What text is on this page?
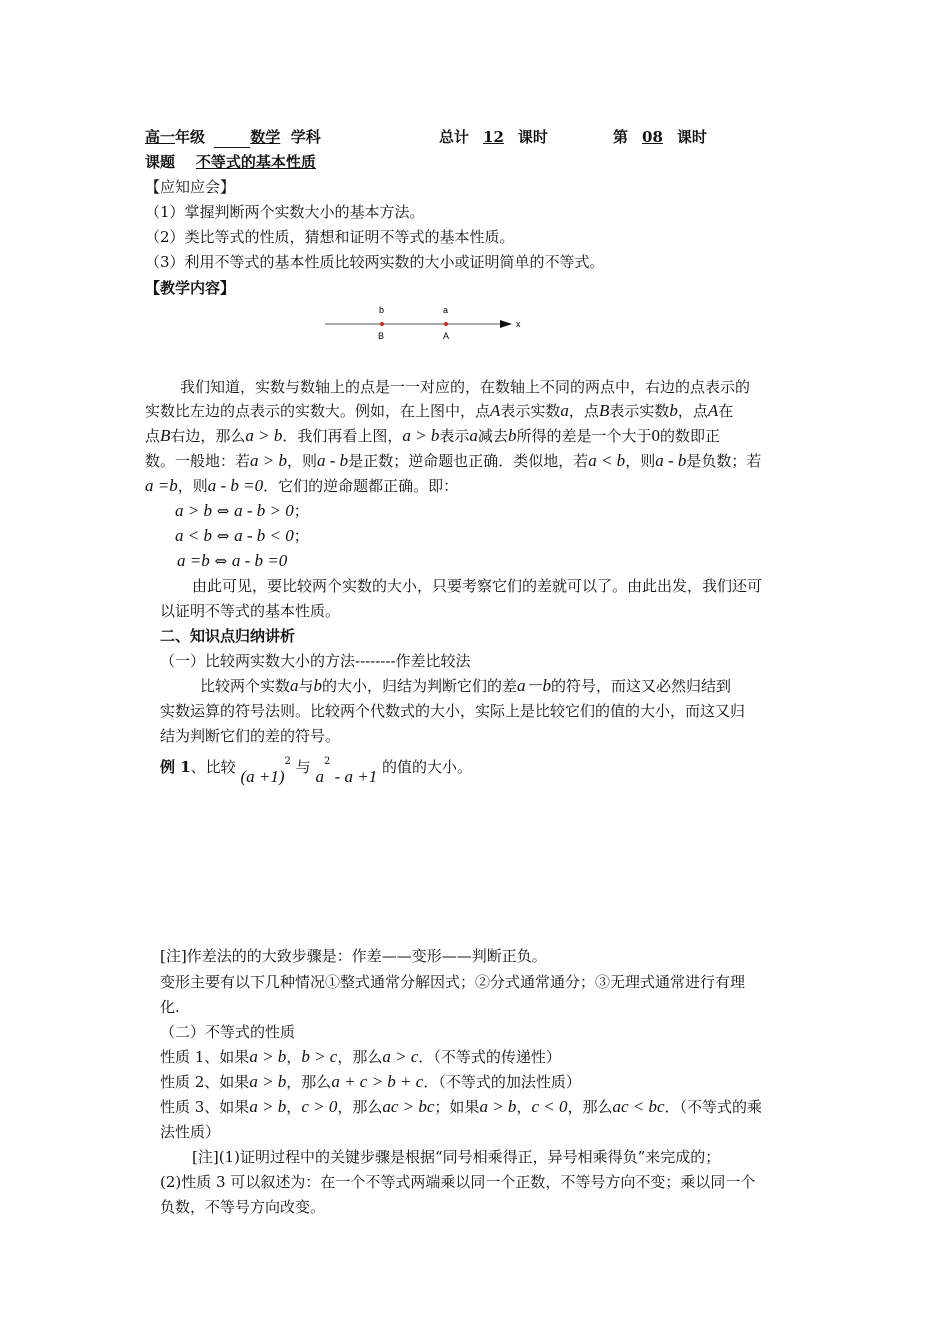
高一年级	数学 学科	总计 12 课时	第 08 课时
课题 不等式的基本性质
【应知应会】
（1）掌握判断两个实数大小的基本方法。
（2）类比等式的性质，猜想和证明不等式的基本性质。
（3）利用不等式的基本性质比较两实数的大小或证明简单的不等式。
【教学内容】
b	a
B	A
x
我们知道，实数与数轴上的点是一一对应的，在数轴上不同的两点中，右边的点表示的
实数比左边的点表示的实数大。例如，在上图中，点A表示实数a，点B表示实数b，点A在
点B右边，那么a > b．我们再看上图，a > b表示a减去b所得的差是一个大于0的数即正
数。一般地：若a > b，则a - b是正数；逆命题也正确．类似地，若a < b，则a - b是负数；若
a =b，则a - b =0．它们的逆命题都正确。即：
a > b ⇔ a - b > 0；
a < b ⇔ a - b < 0；
a =b ⇔ a - b =0
由此可见，要比较两个实数的大小，只要考察它们的差就可以了。由此出发，我们还可
以证明不等式的基本性质。
二、知识点归纳讲析
（一）比较两实数大小的方法--------作差比较法
比较两个实数a与b的大小，归结为判断它们的差a－b的符号，而这又必然归结到
实数运算的符号法则。比较两个代数式的大小，实际上是比较它们的值的大小，而这又归
结为判断它们的差的符号。
例 1、比较 $(a +1)^2$ 与 $a^2 - a +1$ 的值的大小。
[注]作差法的的大致步骤是：作差——变形——判断正负。
变形主要有以下几种情况①整式通常分解因式；②分式通常通分；③无理式通常进行有理
化.
（二）不等式的性质
性质 1、如果a > b，b > c，那么a > c．（不等式的传递性）
性质 2、如果a > b，那么a + c > b + c．（不等式的加法性质）
性质 3、如果a > b，c > 0，那么ac > bc；如果a > b，c < 0，那么ac < bc．（不等式的乘
法性质）
[注](1)证明过程中的关键步骤是根据“同号相乘得正，异号相乘得负”来完成的；
(2)性质 3 可以叙述为：在一个不等式两端乘以同一个正数，不等号方向不变；乘以同一个
负数，不等号方向改变。
